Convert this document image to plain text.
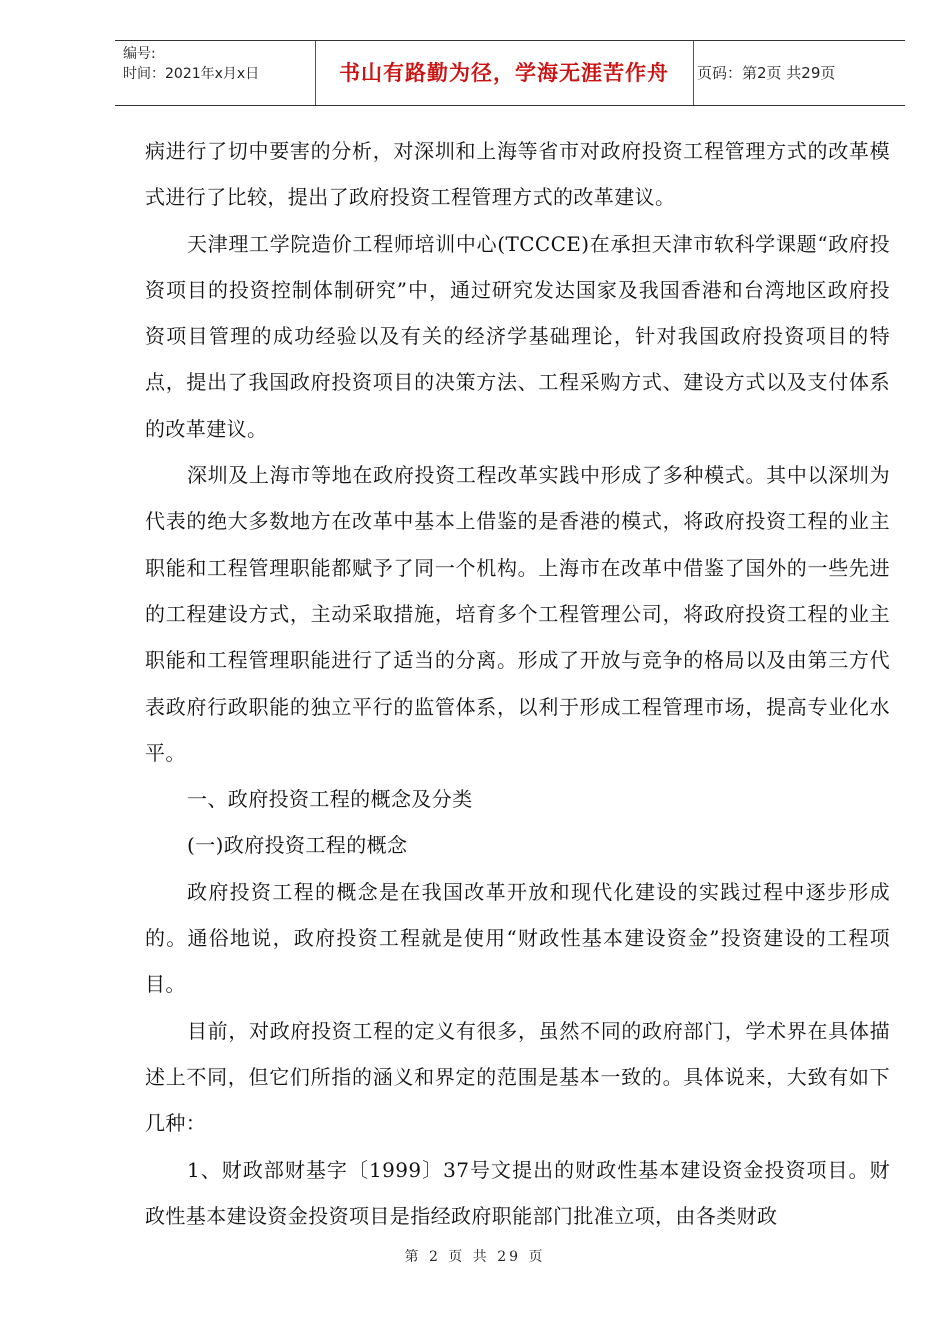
编号:
时间：2021年x月x日	书山有路勤为径，学海无涯苦作舟	页码：第2页 共29页

病进行了切中要害的分析，对深圳和上海等省市对政府投资工程管理方式的改革模式进行了比较，提出了政府投资工程管理方式的改革建议。

天津理工学院造价工程师培训中心(TCCCE)在承担天津市软科学课题“政府投资项目的投资控制体制研究”中，通过研究发达国家及我国香港和台湾地区政府投资项目管理的成功经验以及有关的经济学基础理论，针对我国政府投资项目的特点，提出了我国政府投资项目的决策方法、工程采购方式、建设方式以及支付体系的改革建议。

深圳及上海市等地在政府投资工程改革实践中形成了多种模式。其中以深圳为代表的绝大多数地方在改革中基本上借鉴的是香港的模式，将政府投资工程的业主职能和工程管理职能都赋予了同一个机构。上海市在改革中借鉴了国外的一些先进的工程建设方式，主动采取措施，培育多个工程管理公司，将政府投资工程的业主职能和工程管理职能进行了适当的分离。形成了开放与竞争的格局以及由第三方代表政府行政职能的独立平行的监管体系，以利于形成工程管理市场，提高专业化水平。

一、政府投资工程的概念及分类

(一)政府投资工程的概念

政府投资工程的概念是在我国改革开放和现代化建设的实践过程中逐步形成的。通俗地说，政府投资工程就是使用“财政性基本建设资金”投资建设的工程项目。

目前，对政府投资工程的定义有很多，虽然不同的政府部门，学术界在具体描述上不同，但它们所指的涵义和界定的范围是基本一致的。具体说来，大致有如下几种：

1、财政部财基字〔1999〕37号文提出的财政性基本建设资金投资项目。财政性基本建设资金投资项目是指经政府职能部门批准立项，由各类财政

第 2 页 共 29 页
